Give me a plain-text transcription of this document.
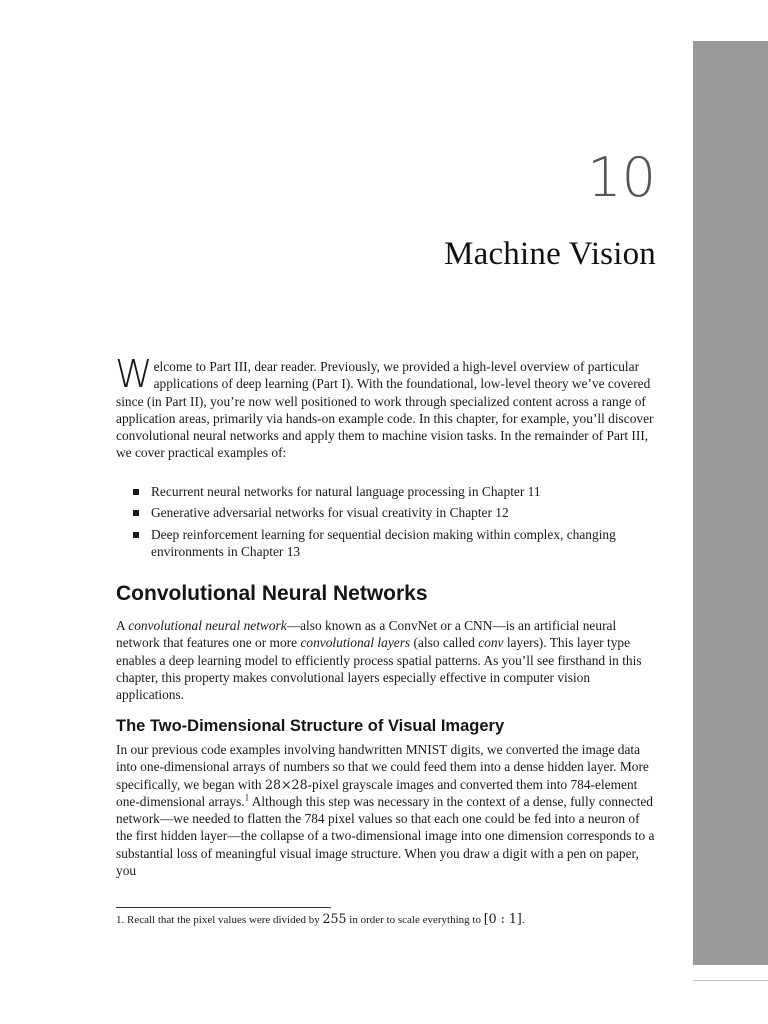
10
Machine Vision

Welcome to Part III, dear reader. Previously, we provided a high-level overview of particular applications of deep learning (Part I). With the foundational, low-level theory we’ve covered since (in Part II), you’re now well positioned to work through specialized content across a range of application areas, primarily via hands-on example code. In this chapter, for example, you’ll discover convolutional neural networks and apply them to machine vision tasks. In the remainder of Part III, we cover practical examples of:

Recurrent neural networks for natural language processing in Chapter 11
Generative adversarial networks for visual creativity in Chapter 12
Deep reinforcement learning for sequential decision making within complex, changing environments in Chapter 13
Convolutional Neural Networks

A convolutional neural network—also known as a ConvNet or a CNN—is an artificial neural network that features one or more convolutional layers (also called conv layers). This layer type enables a deep learning model to efficiently process spatial patterns. As you’ll see firsthand in this chapter, this property makes convolutional layers especially effective in computer vision applications.

The Two-Dimensional Structure of Visual Imagery

In our previous code examples involving handwritten MNIST digits, we converted the image data into one-dimensional arrays of numbers so that we could feed them into a dense hidden layer. More specifically, we began with 28×28-pixel grayscale images and converted them into 784-element one-dimensional arrays.$^1$ Although this step was necessary in the context of a dense, fully connected network—we needed to flatten the 784 pixel values so that each one could be fed into a neuron of the first hidden layer—the collapse of a two-dimensional image into one dimension corresponds to a substantial loss of meaningful visual image structure. When you draw a digit with a pen on paper, you

1. Recall that the pixel values were divided by 255 in order to scale everything to [0 : 1].
